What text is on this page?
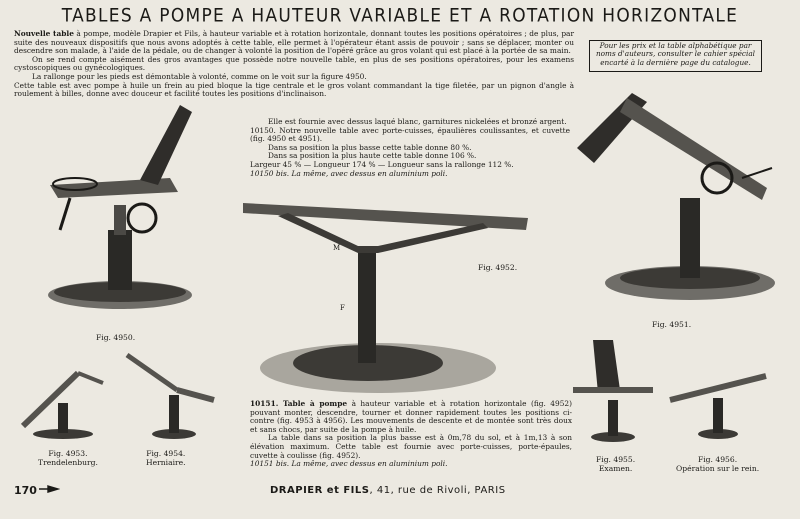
TABLES A POMPE A HAUTEUR VARIABLE ET A ROTATION HORIZONTALE
Nouvelle table à pompe, modèle Drapier et Fils, à hauteur variable et à rotation horizontale, donnant toutes les positions opératoires ; de plus, par suite des nouveaux dispositifs que nous avons adoptés à cette table, elle permet à l'opérateur étant assis de pouvoir ; sans se déplacer, monter ou descendre son malade, à l'aide de la pédale, ou de changer à volonté la position de l'opéré grâce au gros volant qui est placé à la portée de sa main.
On se rend compte aisément des gros avantages que possède notre nouvelle table, en plus de ses positions opératoires, pour les examens cystoscopiques ou gynécologiques.
La rallonge pour les pieds est démontable à volonté, comme on le voit sur la figure 4950.

Cette table est avec pompe à huile un frein au pied bloque la tige centrale et le gros volant commandant la tige filetée, par un pignon d'angle à roulement à billes, donne avec douceur et facilité toutes les positions d'inclinaison.
Elle est fournie avec dessus laqué blanc, garnitures nickelées et bronzé argent.
10150. Notre nouvelle table avec porte-cuisses, épaulières coulissantes, et cuvette (fig. 4950 et 4951).
Dans sa position la plus basse cette table donne 80 %.
Dans sa position la plus haute cette table donne 106 %.
Largeur 45 % — Longueur 174 % — Longueur sans la rallonge 112 %.
10150 bis. La même, avec dessus en aluminium poli.
Pour les prix et la table alphabétique par noms d'auteurs, consulter le cahier spécial encarté à la dernière page du catalogue.
Fig. 4950.
Fig. 4951.
M
F
Fig. 4952.
Fig. 4953.
Trendelenburg.
Fig. 4954.
Herniaire.	Fig. 4955.
Examen.
Fig. 4956.
Opération sur le rein.
10151. Table à pompe à hauteur variable et à rotation horizontale (fig. 4952) pouvant monter, descendre, tourner et donner rapidement toutes les positions ci-contre (fig. 4953 à 4956). Les mouvements de descente et de montée sont très doux et sans chocs, par suite de la pompe à huile.
La table dans sa position la plus basse est à 0m,78 du sol, et à 1m,13 à son élévation maximum. Cette table est fournie avec porte-cuisses, porte-épaules, cuvette à coulisse (fig. 4952).
10151 bis. La même, avec dessus en aluminium poli.
170	DRAPIER et FILS, 41, rue de Rivoli, PARIS
